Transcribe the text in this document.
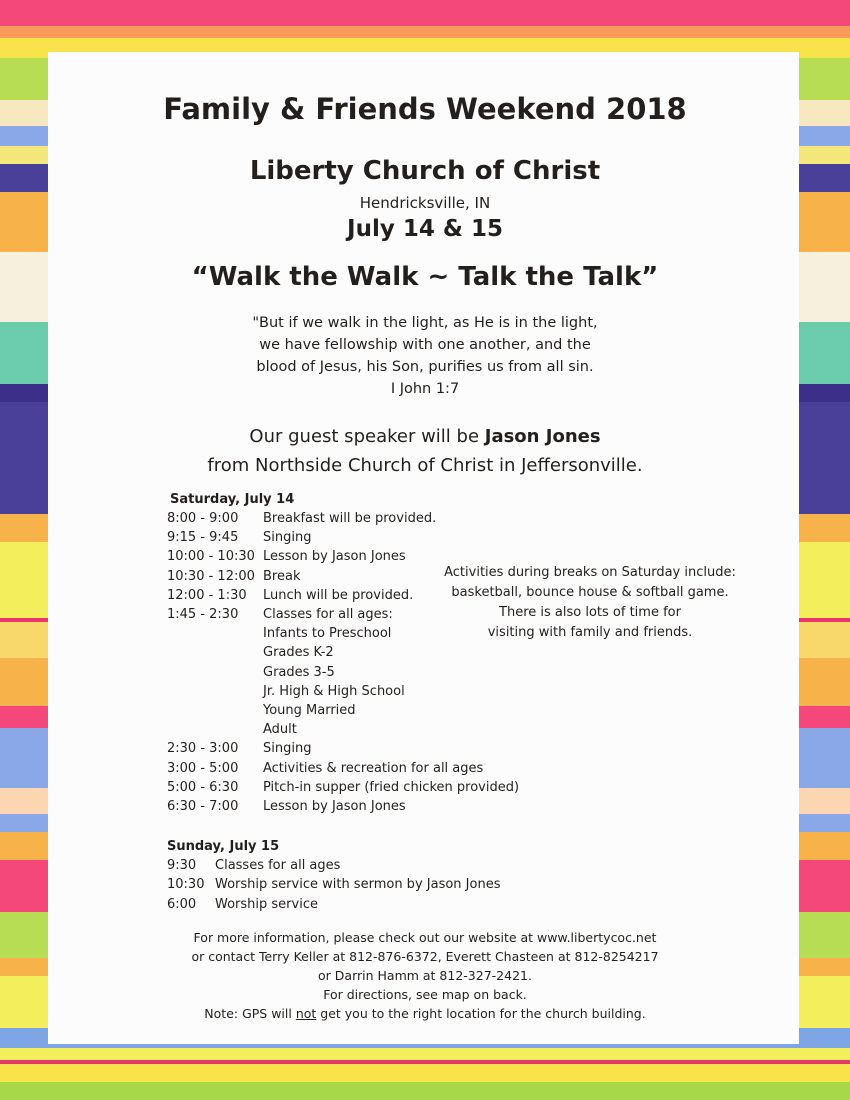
Family & Friends Weekend 2018
Liberty Church of Christ
Hendricksville, IN
July 14 & 15
“Walk the Walk ~ Talk the Talk”
"But if we walk in the light, as He is in the light,
we have fellowship with one another, and the
blood of Jesus, his Son, purifies us from all sin.
I John 1:7
Our guest speaker will be Jason Jones
from Northside Church of Christ in Jeffersonville.
Saturday, July 14
8:00 - 9:00	Breakfast will be provided.
9:15 - 9:45	Singing
10:00 - 10:30 Lesson by Jason Jones
10:30 - 12:00 Break
12:00 - 1:30	Lunch will be provided.
1:45 - 2:30	Classes for all ages:
Infants to Preschool
Grades K-2
Grades 3-5
Jr. High & High School
Young Married
Adult
2:30 - 3:00	Singing
3:00 - 5:00	Activities & recreation for all ages
5:00 - 6:30	Pitch-in supper (fried chicken provided)
6:30 - 7:00	Lesson by Jason Jones
Activities during breaks on Saturday include:
basketball, bounce house & softball game.
There is also lots of time for
visiting with family and friends.
Sunday, July 15
9:30	Classes for all ages
10:30 Worship service with sermon by Jason Jones
6:00	Worship service
For more information, please check out our website at www.libertycoc.net
or contact Terry Keller at 812-876-6372, Everett Chasteen at 812-8254217
or Darrin Hamm at 812-327-2421.
For directions, see map on back.
Note: GPS will not get you to the right location for the church building.
